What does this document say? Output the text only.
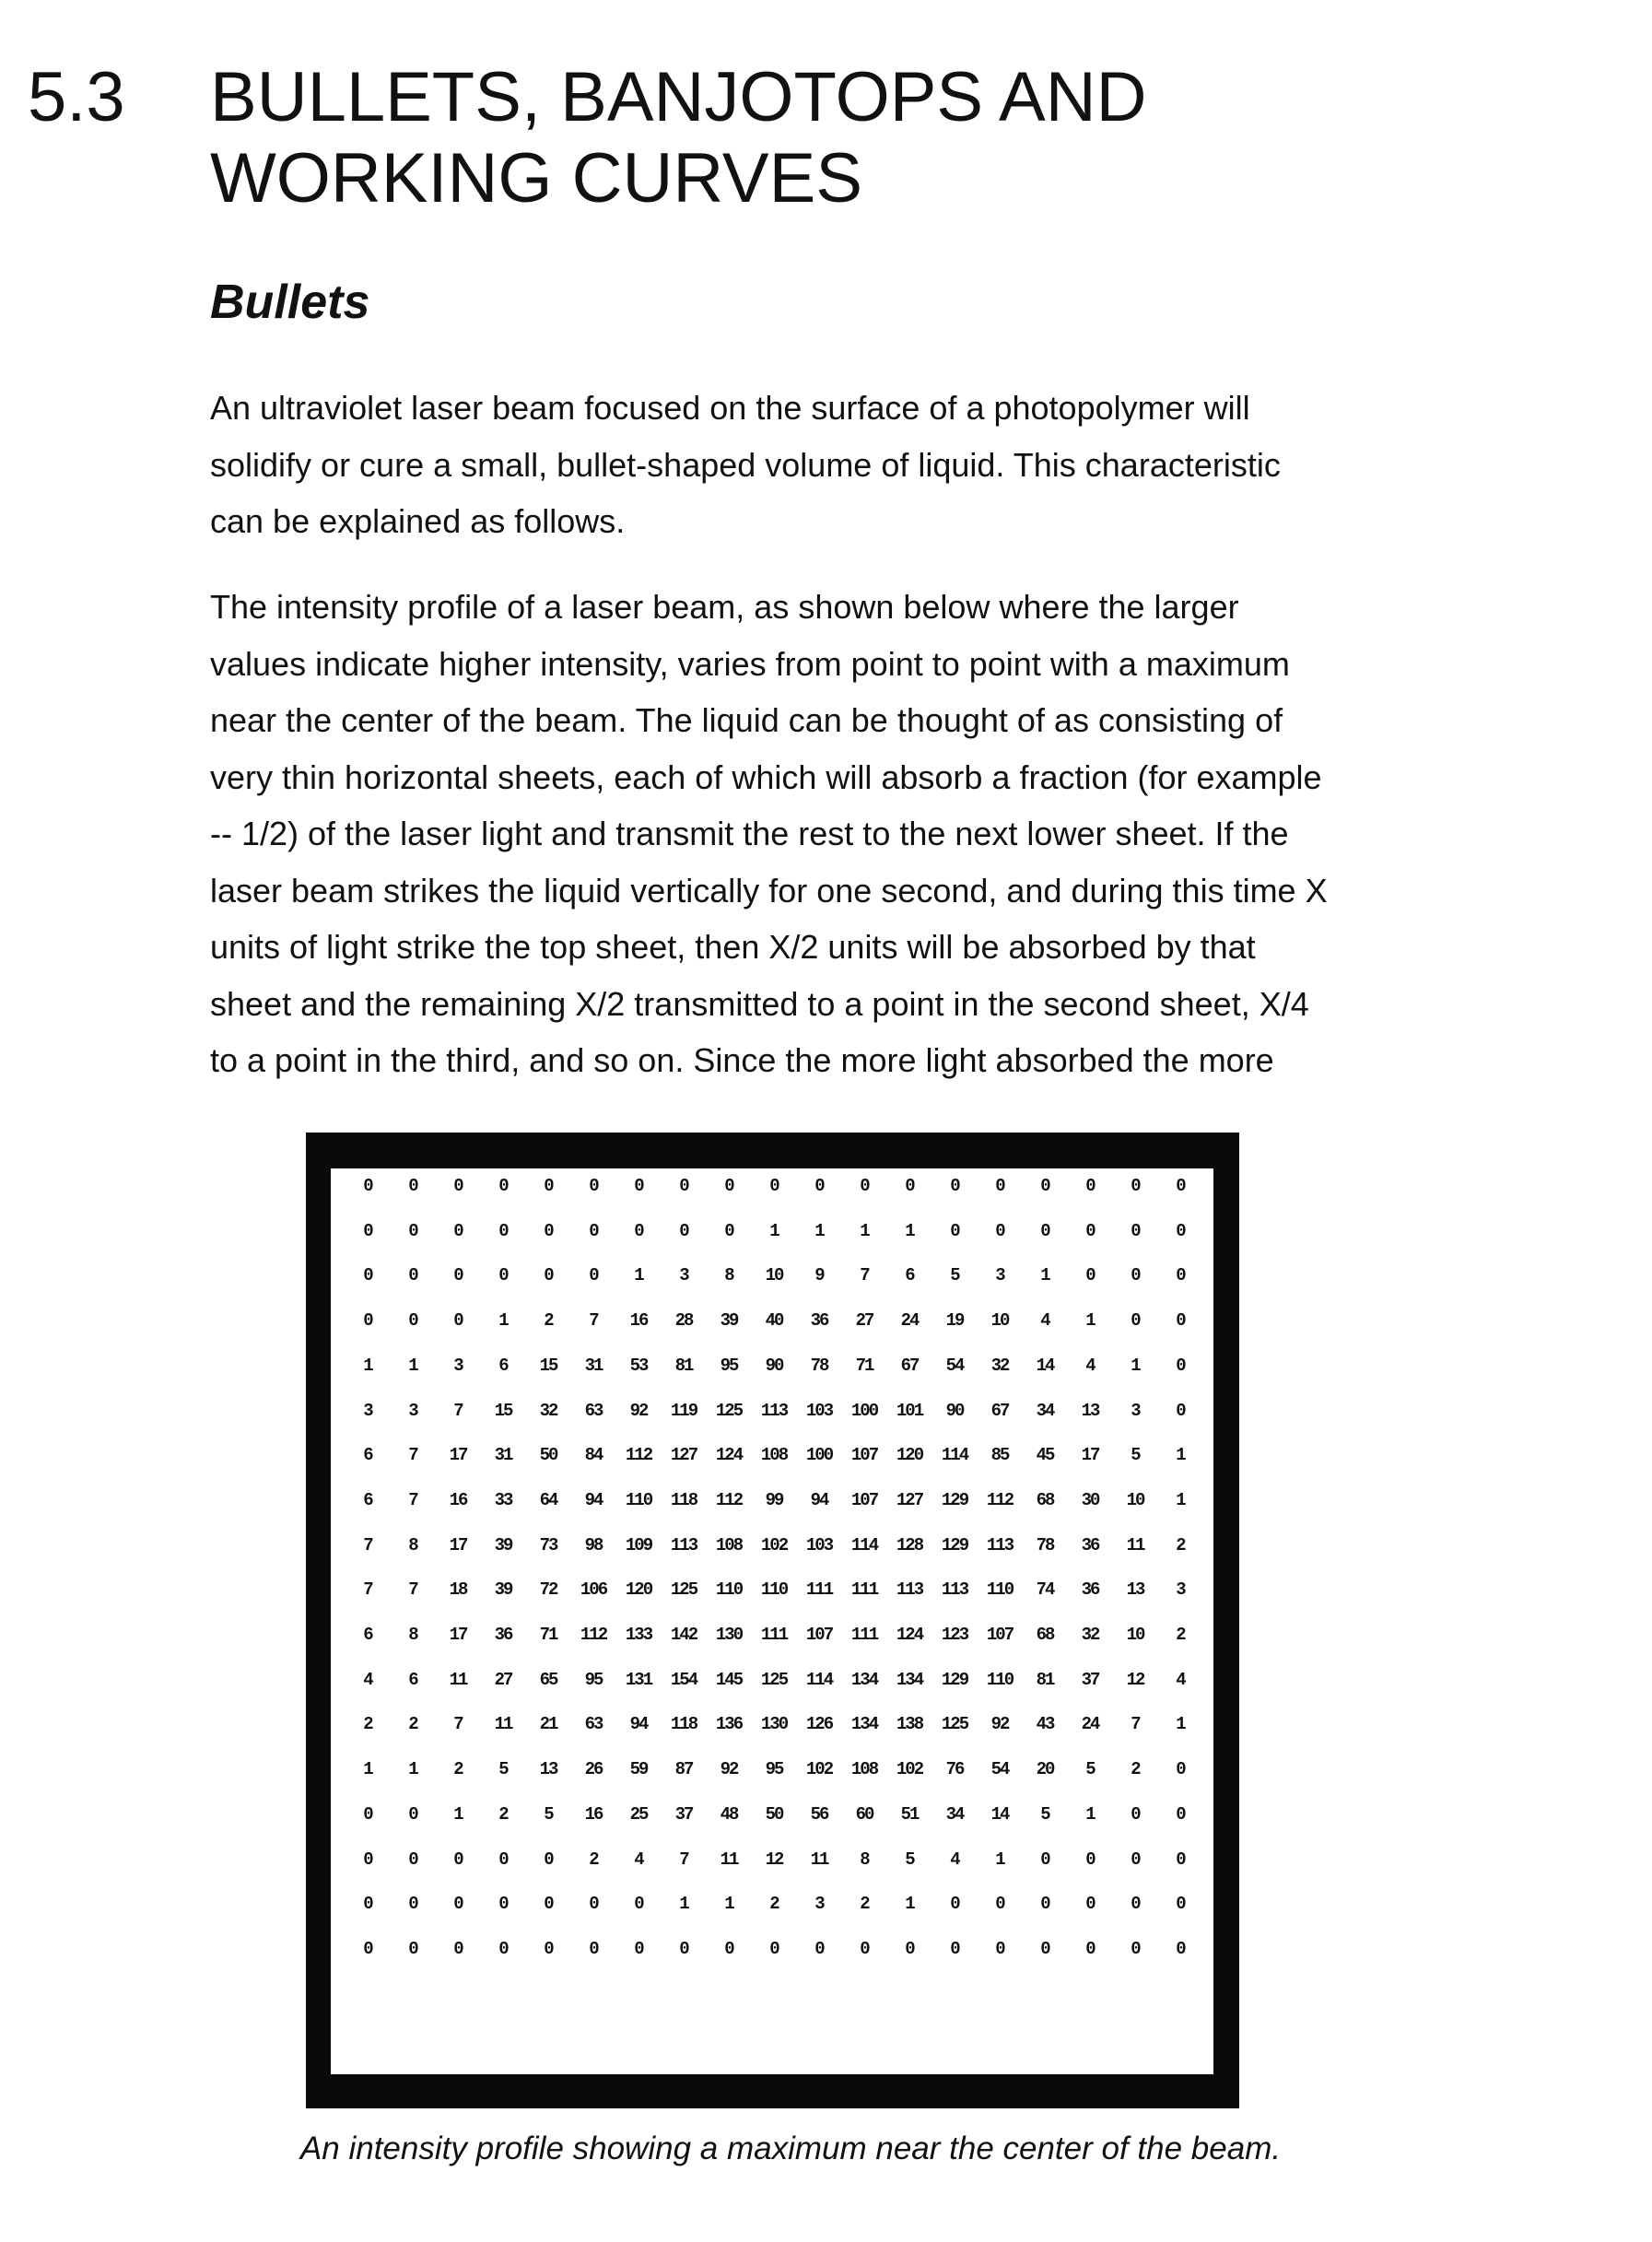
5.3 BULLETS, BANJOTOPS AND
WORKING CURVES
Bullets
An ultraviolet laser beam focused on the surface of a photopolymer will
solidify or cure a small, bullet-shaped volume of liquid. This characteristic
can be explained as follows.
The intensity profile of a laser beam, as shown below where the larger
values indicate higher intensity, varies from point to point with a maximum
near the center of the beam. The liquid can be thought of as consisting of
very thin horizontal sheets, each of which will absorb a fraction (for example
-- 1/2) of the laser light and transmit the rest to the next lower sheet. If the
laser beam strikes the liquid vertically for one second, and during this time X
units of light strike the top sheet, then X/2 units will be absorbed by that
sheet and the remaining X/2 transmitted to a point in the second sheet, X/4
to a point in the third, and so on. Since the more light absorbed the more
0	0	0	0	0	0	0	0	0	0	0	0	0	0	0	0	0	0	0
0	0	0	0	0	0	0	0	0	1	1	1	1	0	0	0	0	0	0
0	0	0	0	0	0	1	3	8	10	9	7	6	5	3	1	0	0	0
0	0	0	1	2	7	16	28	39	40	36	27	24	19	10	4	1	0	0
1	1	3	6	15	31	53	81	95	90	78	71	67	54	32	14	4	1	0
3	3	7	15	32	63	92	119	125	113	103	100	101	90	67	34	13	3	0
6	7	17	31	50	84	112	127	124	108	100	107	120	114	85	45	17	5	1
6	7	16	33	64	94	110	118	112	99	94	107	127	129	112	68	30	10	1
7	8	17	39	73	98	109	113	108	102	103	114	128	129	113	78	36	11	2
7	7	18	39	72	106	120	125	110	110	111	111	113	113	110	74	36	13	3
6	8	17	36	71	112	133	142	130	111	107	111	124	123	107	68	32	10	2
4	6	11	27	65	95	131	154	145	125	114	134	134	129	110	81	37	12	4
2	2	7	11	21	63	94	118	136	130	126	134	138	125	92	43	24	7	1
1	1	2	5	13	26	59	87	92	95	102	108	102	76	54	20	5	2	0
0	0	1	2	5	16	25	37	48	50	56	60	51	34	14	5	1	0	0
0	0	0	0	0	2	4	7	11	12	11	8	5	4	1	0	0	0	0
0	0	0	0	0	0	0	1	1	2	3	2	1	0	0	0	0	0	0
0	0	0	0	0	0	0	0	0	0	0	0	0	0	0	0	0	0	0
An intensity profile showing a maximum near the center of the beam.
